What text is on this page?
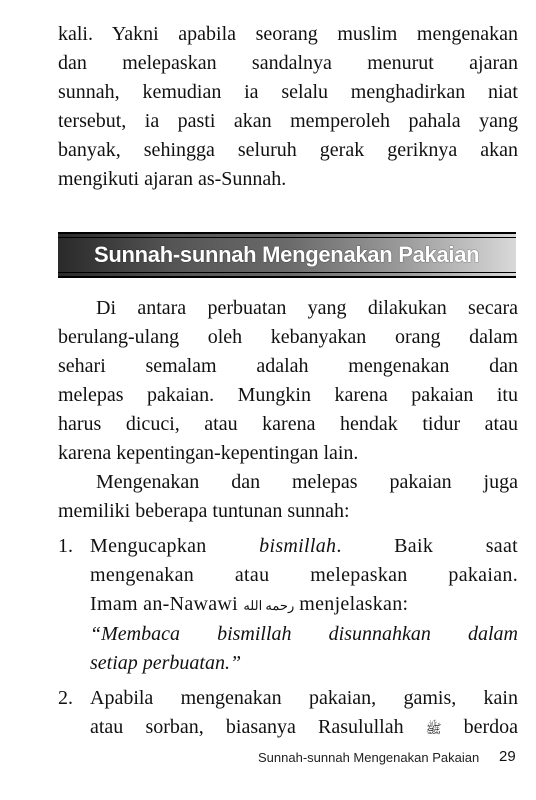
kali. Yakni apabila seorang muslim mengenakan
dan melepaskan sandalnya menurut ajaran
sunnah, kemudian ia selalu menghadirkan niat
tersebut, ia pasti akan memperoleh pahala yang
banyak, sehingga seluruh gerak geriknya akan
mengikuti ajaran as-Sunnah.

Sunnah-sunnah Mengenakan Pakaian

Di antara perbuatan yang dilakukan secara
berulang-ulang oleh kebanyakan orang dalam
sehari semalam adalah mengenakan dan
melepas pakaian. Mungkin karena pakaian itu
harus dicuci, atau karena hendak tidur atau
karena kepentingan-kepentingan lain.

Mengenakan dan melepas pakaian juga
memiliki beberapa tuntunan sunnah:

1. Mengucapkan bismillah. Baik saat
mengenakan atau melepaskan pakaian.
Imam an-Nawawi رحمه الله menjelaskan:
“Membaca bismillah disunnahkan dalam
setiap perbuatan.”
2. Apabila mengenakan pakaian, gamis, kain
atau sorban, biasanya Rasulullah ﷺ berdoa
Sunnah-sunnah Mengenakan Pakaian 29
